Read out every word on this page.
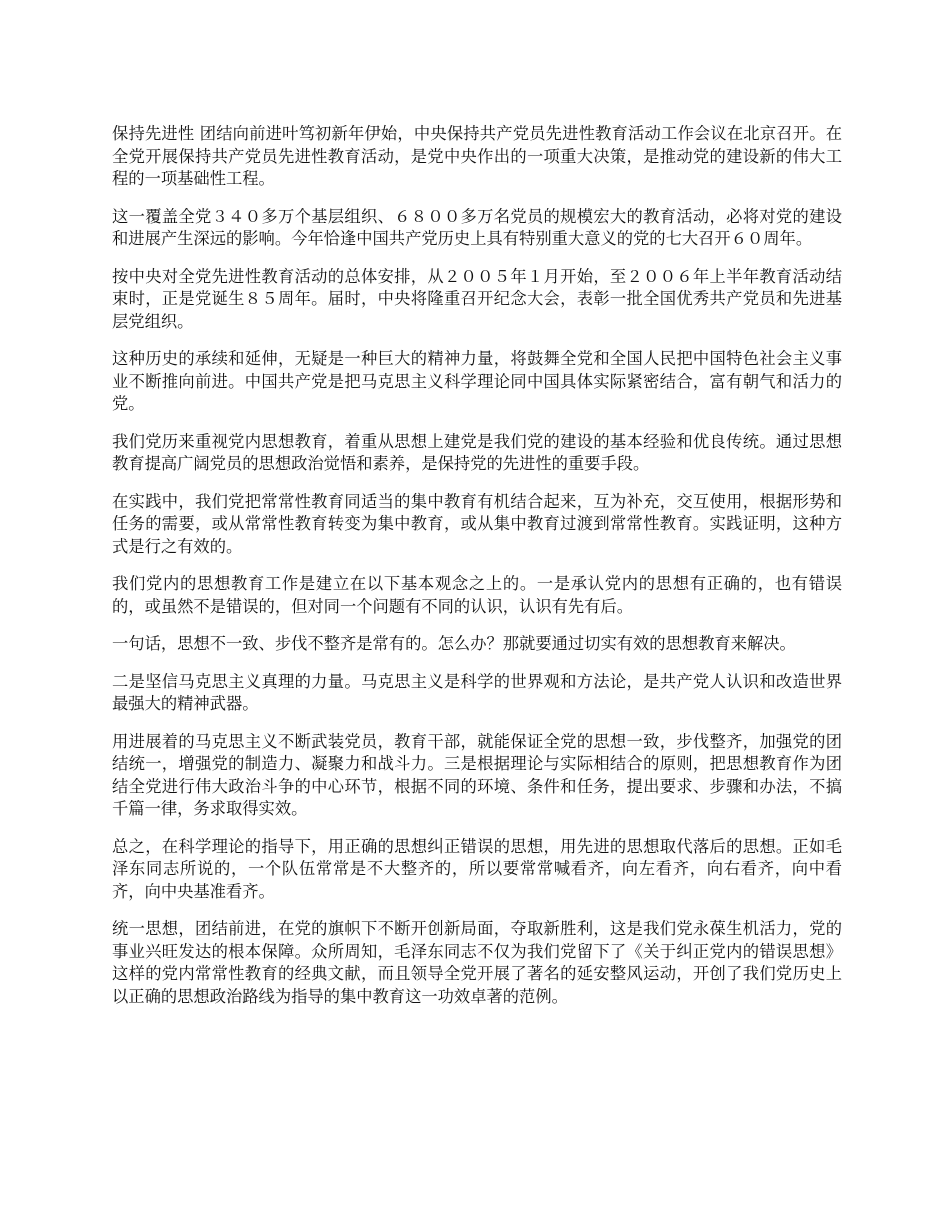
保持先进性 团结向前进叶笃初新年伊始，中央保持共产党员先进性教育活动工作会议在北京召开。在全党开展保持共产党员先进性教育活动，是党中央作出的一项重大决策，是推动党的建设新的伟大工程的一项基础性工程。

这一覆盖全党３４０多万个基层组织、６８００多万名党员的规模宏大的教育活动，必将对党的建设和进展产生深远的影响。今年恰逢中国共产党历史上具有特别重大意义的党的七大召开６０周年。

按中央对全党先进性教育活动的总体安排，从２００５年１月开始，至２００６年上半年教育活动结束时，正是党诞生８５周年。届时，中央将隆重召开纪念大会，表彰一批全国优秀共产党员和先进基层党组织。

这种历史的承续和延伸，无疑是一种巨大的精神力量，将鼓舞全党和全国人民把中国特色社会主义事业不断推向前进。中国共产党是把马克思主义科学理论同中国具体实际紧密结合，富有朝气和活力的党。

我们党历来重视党内思想教育，着重从思想上建党是我们党的建设的基本经验和优良传统。通过思想教育提高广阔党员的思想政治觉悟和素养，是保持党的先进性的重要手段。

在实践中，我们党把常常性教育同适当的集中教育有机结合起来，互为补充，交互使用，根据形势和任务的需要，或从常常性教育转变为集中教育，或从集中教育过渡到常常性教育。实践证明，这种方式是行之有效的。

我们党内的思想教育工作是建立在以下基本观念之上的。一是承认党内的思想有正确的，也有错误的，或虽然不是错误的，但对同一个问题有不同的认识，认识有先有后。

一句话，思想不一致、步伐不整齐是常有的。怎么办？那就要通过切实有效的思想教育来解决。

二是坚信马克思主义真理的力量。马克思主义是科学的世界观和方法论，是共产党人认识和改造世界最强大的精神武器。

用进展着的马克思主义不断武装党员，教育干部，就能保证全党的思想一致，步伐整齐，加强党的团结统一，增强党的制造力、凝聚力和战斗力。三是根据理论与实际相结合的原则，把思想教育作为团结全党进行伟大政治斗争的中心环节，根据不同的环境、条件和任务，提出要求、步骤和办法，不搞千篇一律，务求取得实效。

总之，在科学理论的指导下，用正确的思想纠正错误的思想，用先进的思想取代落后的思想。正如毛泽东同志所说的，一个队伍常常是不大整齐的，所以要常常喊看齐，向左看齐，向右看齐，向中看齐，向中央基准看齐。

统一思想，团结前进，在党的旗帜下不断开创新局面，夺取新胜利，这是我们党永葆生机活力，党的事业兴旺发达的根本保障。众所周知，毛泽东同志不仅为我们党留下了《关于纠正党内的错误思想》这样的党内常常性教育的经典文献，而且领导全党开展了著名的延安整风运动，开创了我们党历史上以正确的思想政治路线为指导的集中教育这一功效卓著的范例。
